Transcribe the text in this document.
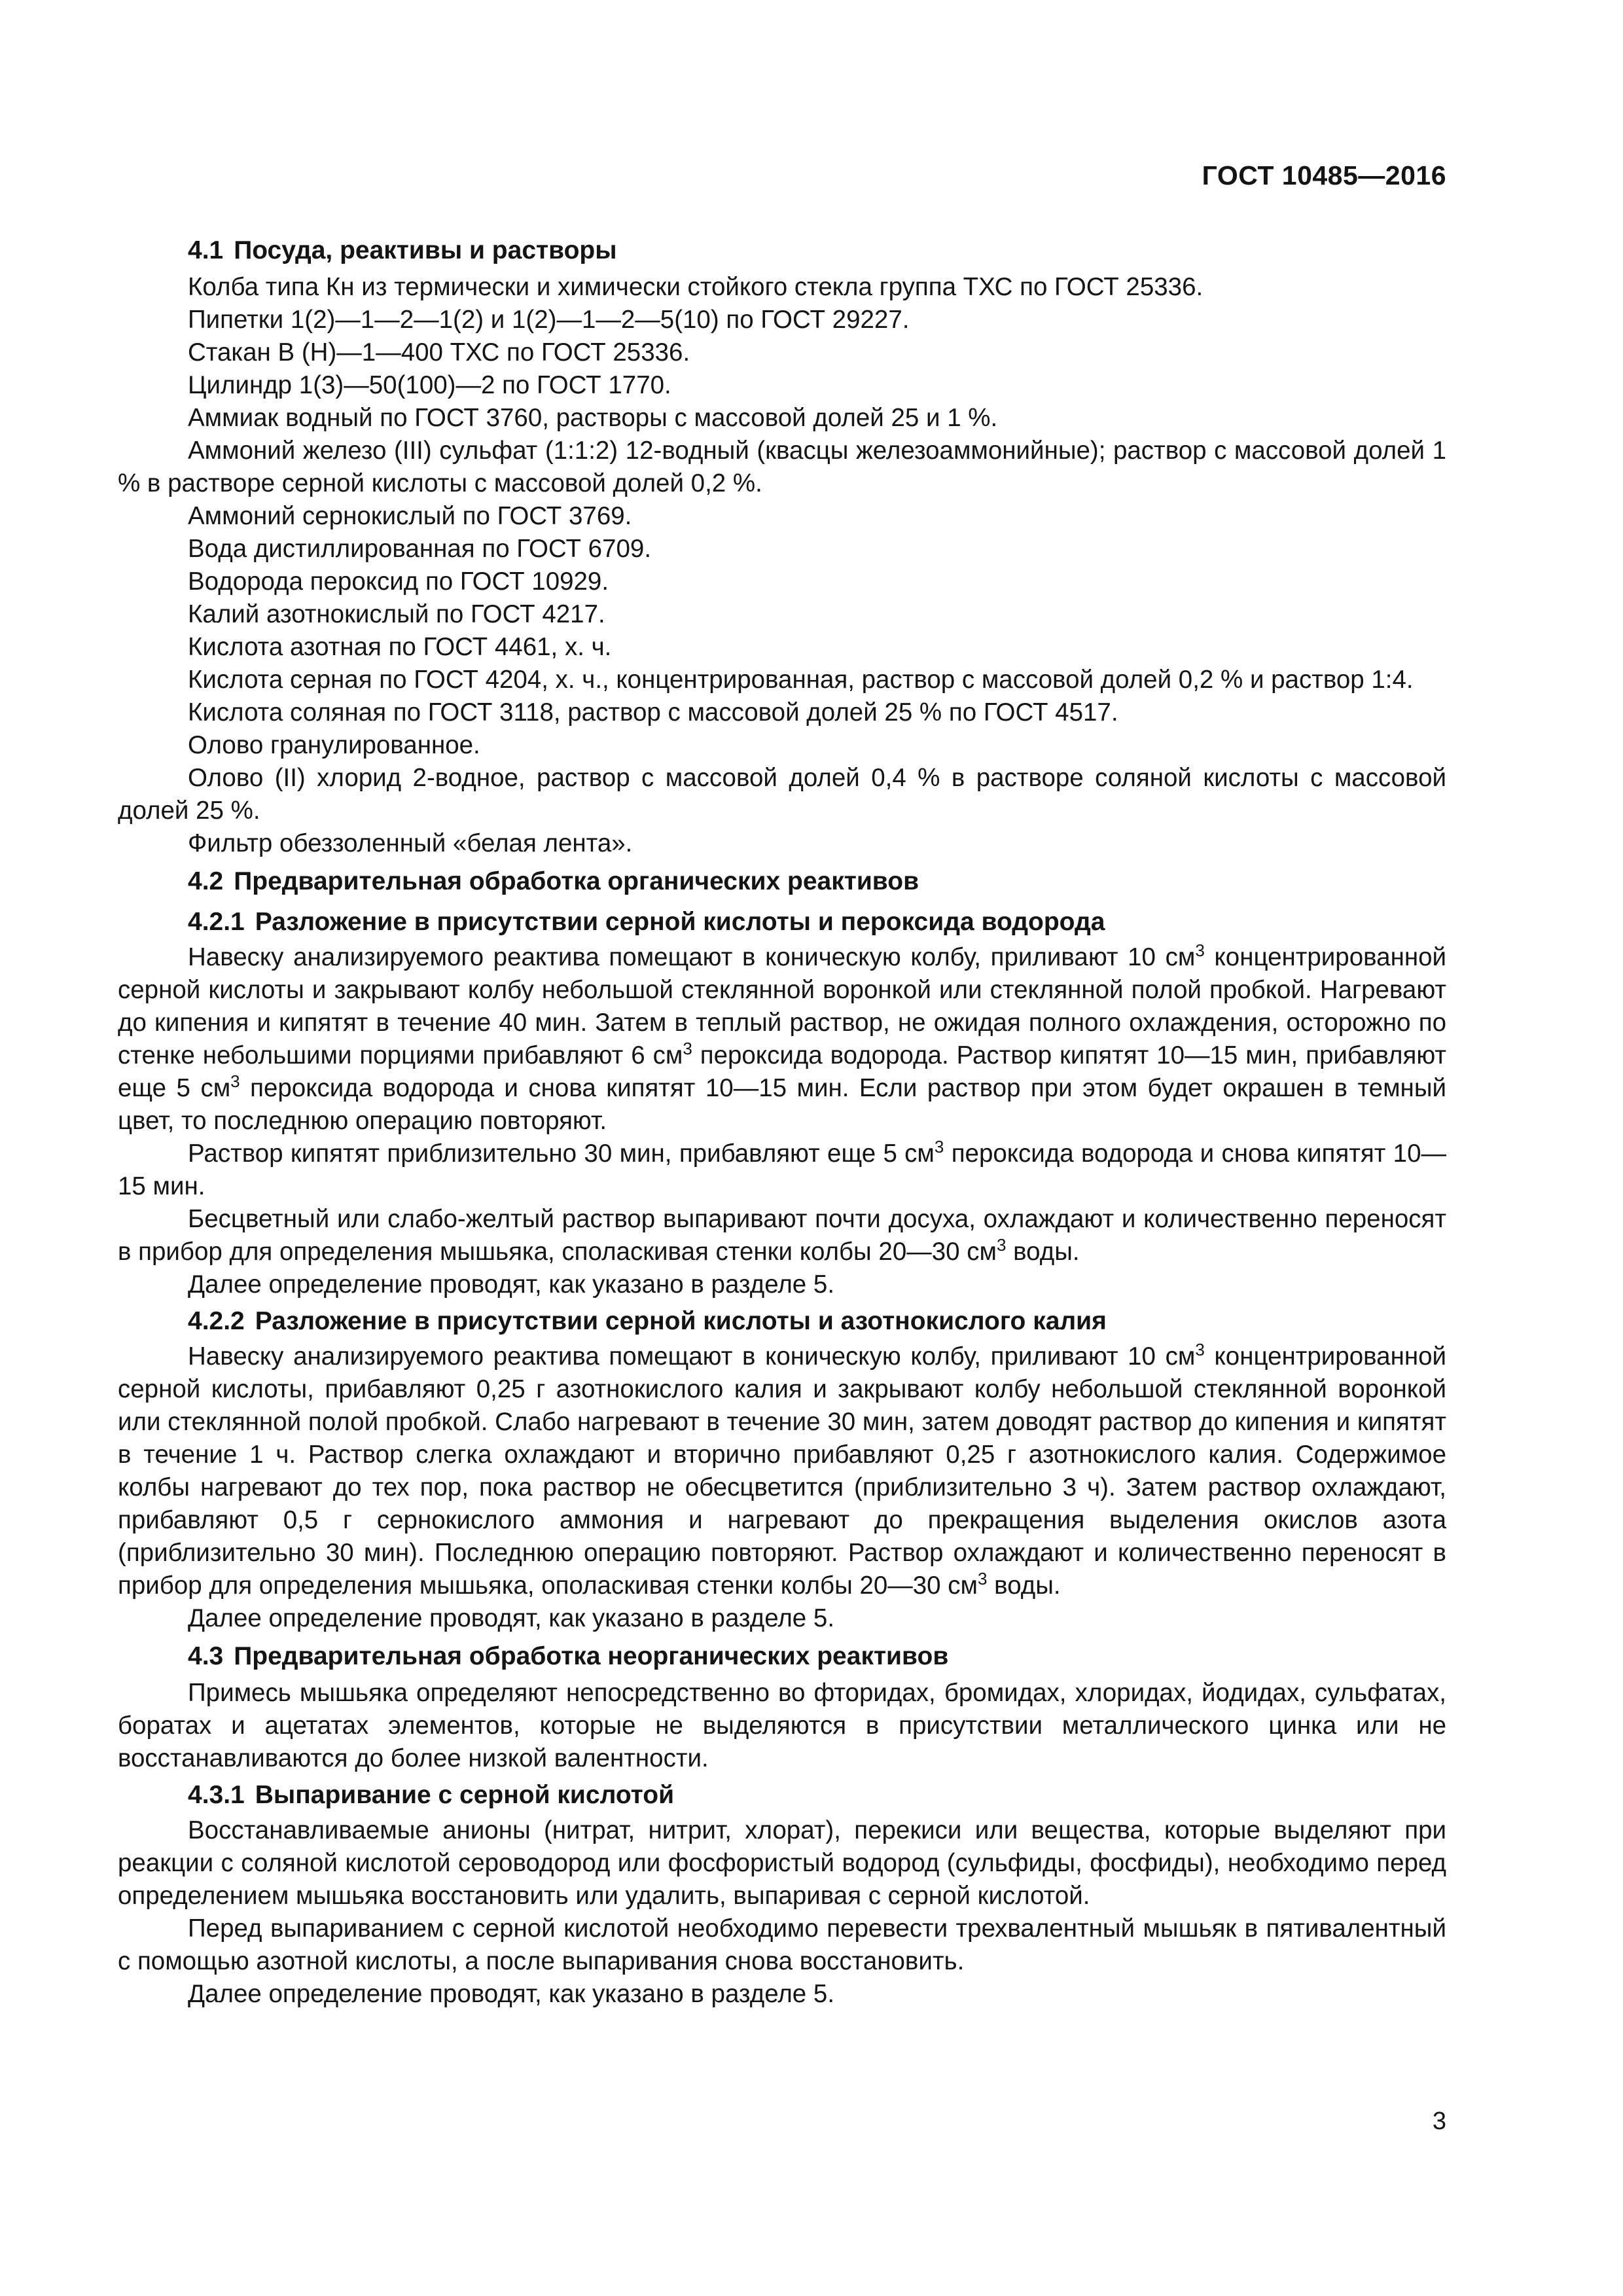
ГОСТ 10485—2016
4.1 Посуда, реактивы и растворы

Колба типа Кн из термически и химически стойкого стекла группа ТХС по ГОСТ 25336.

Пипетки 1(2)—1—2—1(2) и 1(2)—1—2—5(10) по ГОСТ 29227.

Стакан В (Н)—1—400 ТХС по ГОСТ 25336.

Цилиндр 1(3)—50(100)—2 по ГОСТ 1770.

Аммиак водный по ГОСТ 3760, растворы с массовой долей 25 и 1 %.

Аммоний железо (III) сульфат (1:1:2) 12-водный (квасцы железоаммонийные); раствор с массовой долей 1 % в растворе серной кислоты с массовой долей 0,2 %.

Аммоний сернокислый по ГОСТ 3769.

Вода дистиллированная по ГОСТ 6709.

Водорода пероксид по ГОСТ 10929.

Калий азотнокислый по ГОСТ 4217.

Кислота азотная по ГОСТ 4461, х. ч.

Кислота серная по ГОСТ 4204, х. ч., концентрированная, раствор с массовой долей 0,2 % и раствор 1:4.

Кислота соляная по ГОСТ 3118, раствор с массовой долей 25 % по ГОСТ 4517.

Олово гранулированное.

Олово (II) хлорид 2-водное, раствор с массовой долей 0,4 % в растворе соляной кислоты с массовой долей 25 %.

Фильтр обеззоленный «белая лента».

4.2 Предварительная обработка органических реактивов
4.2.1 Разложение в присутствии серной кислоты и пероксида водорода

Навеску анализируемого реактива помещают в коническую колбу, приливают 10 $см^3$ концентрированной серной кислоты и закрывают колбу небольшой стеклянной воронкой или стеклянной полой пробкой. Нагревают до кипения и кипятят в течение 40 мин. Затем в теплый раствор, не ожидая полного охлаждения, осторожно по стенке небольшими порциями прибавляют 6 $см^3$ пероксида водорода. Раствор кипятят 10—15 мин, прибавляют еще 5 $см^3$ пероксида водорода и снова кипятят 10—15 мин. Если раствор при этом будет окрашен в темный цвет, то последнюю операцию повторяют.

Раствор кипятят приблизительно 30 мин, прибавляют еще 5 $см^3$ пероксида водорода и снова кипятят 10—15 мин.

Бесцветный или слабо-желтый раствор выпаривают почти досуха, охлаждают и количественно переносят в прибор для определения мышьяка, споласкивая стенки колбы 20—30 $см^3$ воды.

Далее определение проводят, как указано в разделе 5.

4.2.2 Разложение в присутствии серной кислоты и азотнокислого калия

Навеску анализируемого реактива помещают в коническую колбу, приливают 10 $см^3$ концентрированной серной кислоты, прибавляют 0,25 г азотнокислого калия и закрывают колбу небольшой стеклянной воронкой или стеклянной полой пробкой. Слабо нагревают в течение 30 мин, затем доводят раствор до кипения и кипятят в течение 1 ч. Раствор слегка охлаждают и вторично прибавляют 0,25 г азотнокислого калия. Содержимое колбы нагревают до тех пор, пока раствор не обесцветится (приблизительно 3 ч). Затем раствор охлаждают, прибавляют 0,5 г сернокислого аммония и нагревают до прекращения выделения окислов азота (приблизительно 30 мин). Последнюю операцию повторяют. Раствор охлаждают и количественно переносят в прибор для определения мышьяка, ополаскивая стенки колбы 20—30 $см^3$ воды.

Далее определение проводят, как указано в разделе 5.

4.3 Предварительная обработка неорганических реактивов

Примесь мышьяка определяют непосредственно во фторидах, бромидах, хлоридах, йодидах, сульфатах, боратах и ацетатах элементов, которые не выделяются в присутствии металлического цинка или не восстанавливаются до более низкой валентности.

4.3.1 Выпаривание с серной кислотой

Восстанавливаемые анионы (нитрат, нитрит, хлорат), перекиси или вещества, которые выделяют при реакции с соляной кислотой сероводород или фосфористый водород (сульфиды, фосфиды), необходимо перед определением мышьяка восстановить или удалить, выпаривая с серной кислотой.

Перед выпариванием с серной кислотой необходимо перевести трехвалентный мышьяк в пятивалентный с помощью азотной кислоты, а после выпаривания снова восстановить.

Далее определение проводят, как указано в разделе 5.

3
